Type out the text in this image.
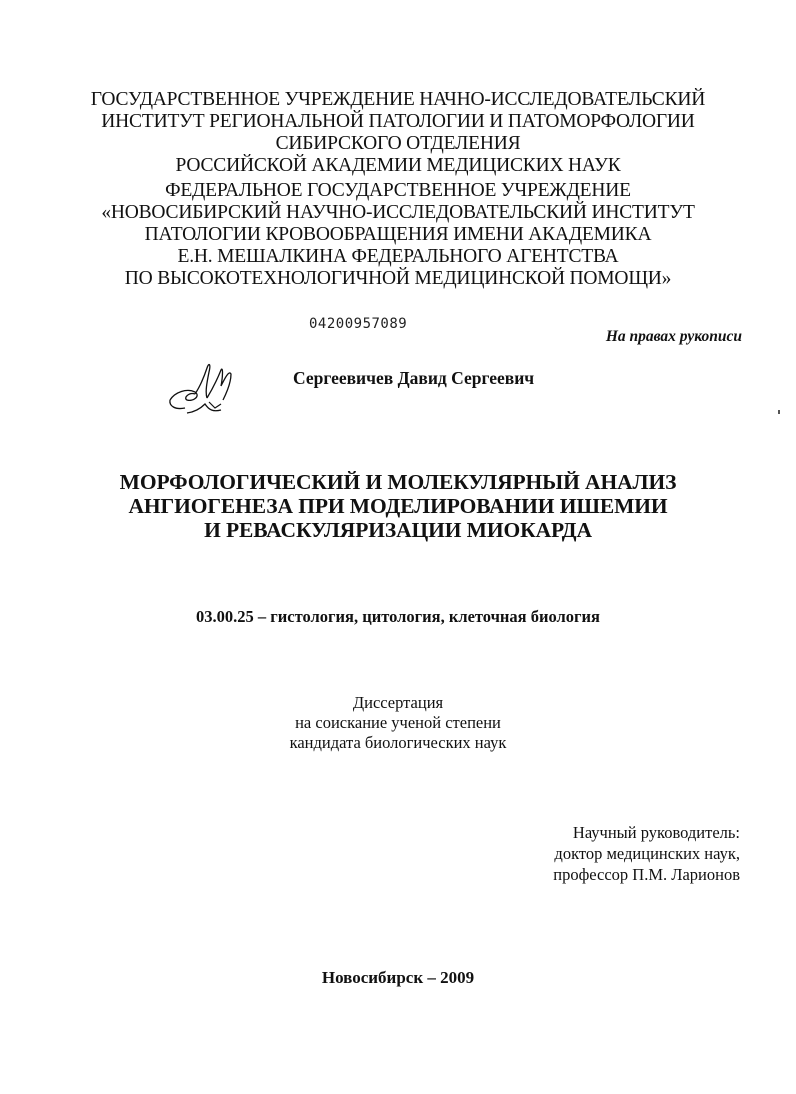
ГОСУДАРСТВЕННОЕ УЧРЕЖДЕНИЕ НАЧНО-ИССЛЕДОВАТЕЛЬСКИЙ
ИНСТИТУТ РЕГИОНАЛЬНОЙ ПАТОЛОГИИ И ПАТОМОРФОЛОГИИ
СИБИРСКОГО ОТДЕЛЕНИЯ
РОССИЙСКОЙ АКАДЕМИИ МЕДИЦИСКИХ НАУК
ФЕДЕРАЛЬНОЕ ГОСУДАРСТВЕННОЕ УЧРЕЖДЕНИЕ
«НОВОСИБИРСКИЙ НАУЧНО-ИССЛЕДОВАТЕЛЬСКИЙ ИНСТИТУТ
ПАТОЛОГИИ КРОВООБРАЩЕНИЯ ИМЕНИ АКАДЕМИКА
Е.Н. МЕШАЛКИНА ФЕДЕРАЛЬНОГО АГЕНТСТВА
ПО ВЫСОКОТЕХНОЛОГИЧНОЙ МЕДИЦИНСКОЙ ПОМОЩИ»
04200957089
На правах рукописи
Сергеевичев Давид Сергеевич
МОРФОЛОГИЧЕСКИЙ И МОЛЕКУЛЯРНЫЙ АНАЛИЗ
АНГИОГЕНЕЗА ПРИ МОДЕЛИРОВАНИИ ИШЕМИИ
И РЕВАСКУЛЯРИЗАЦИИ МИОКАРДА
03.00.25 – гистология, цитология, клеточная биология
Диссертация
на соискание ученой степени
кандидата биологических наук
Научный руководитель:
доктор медицинских наук,
профессор П.М. Ларионов
Новосибирск – 2009
